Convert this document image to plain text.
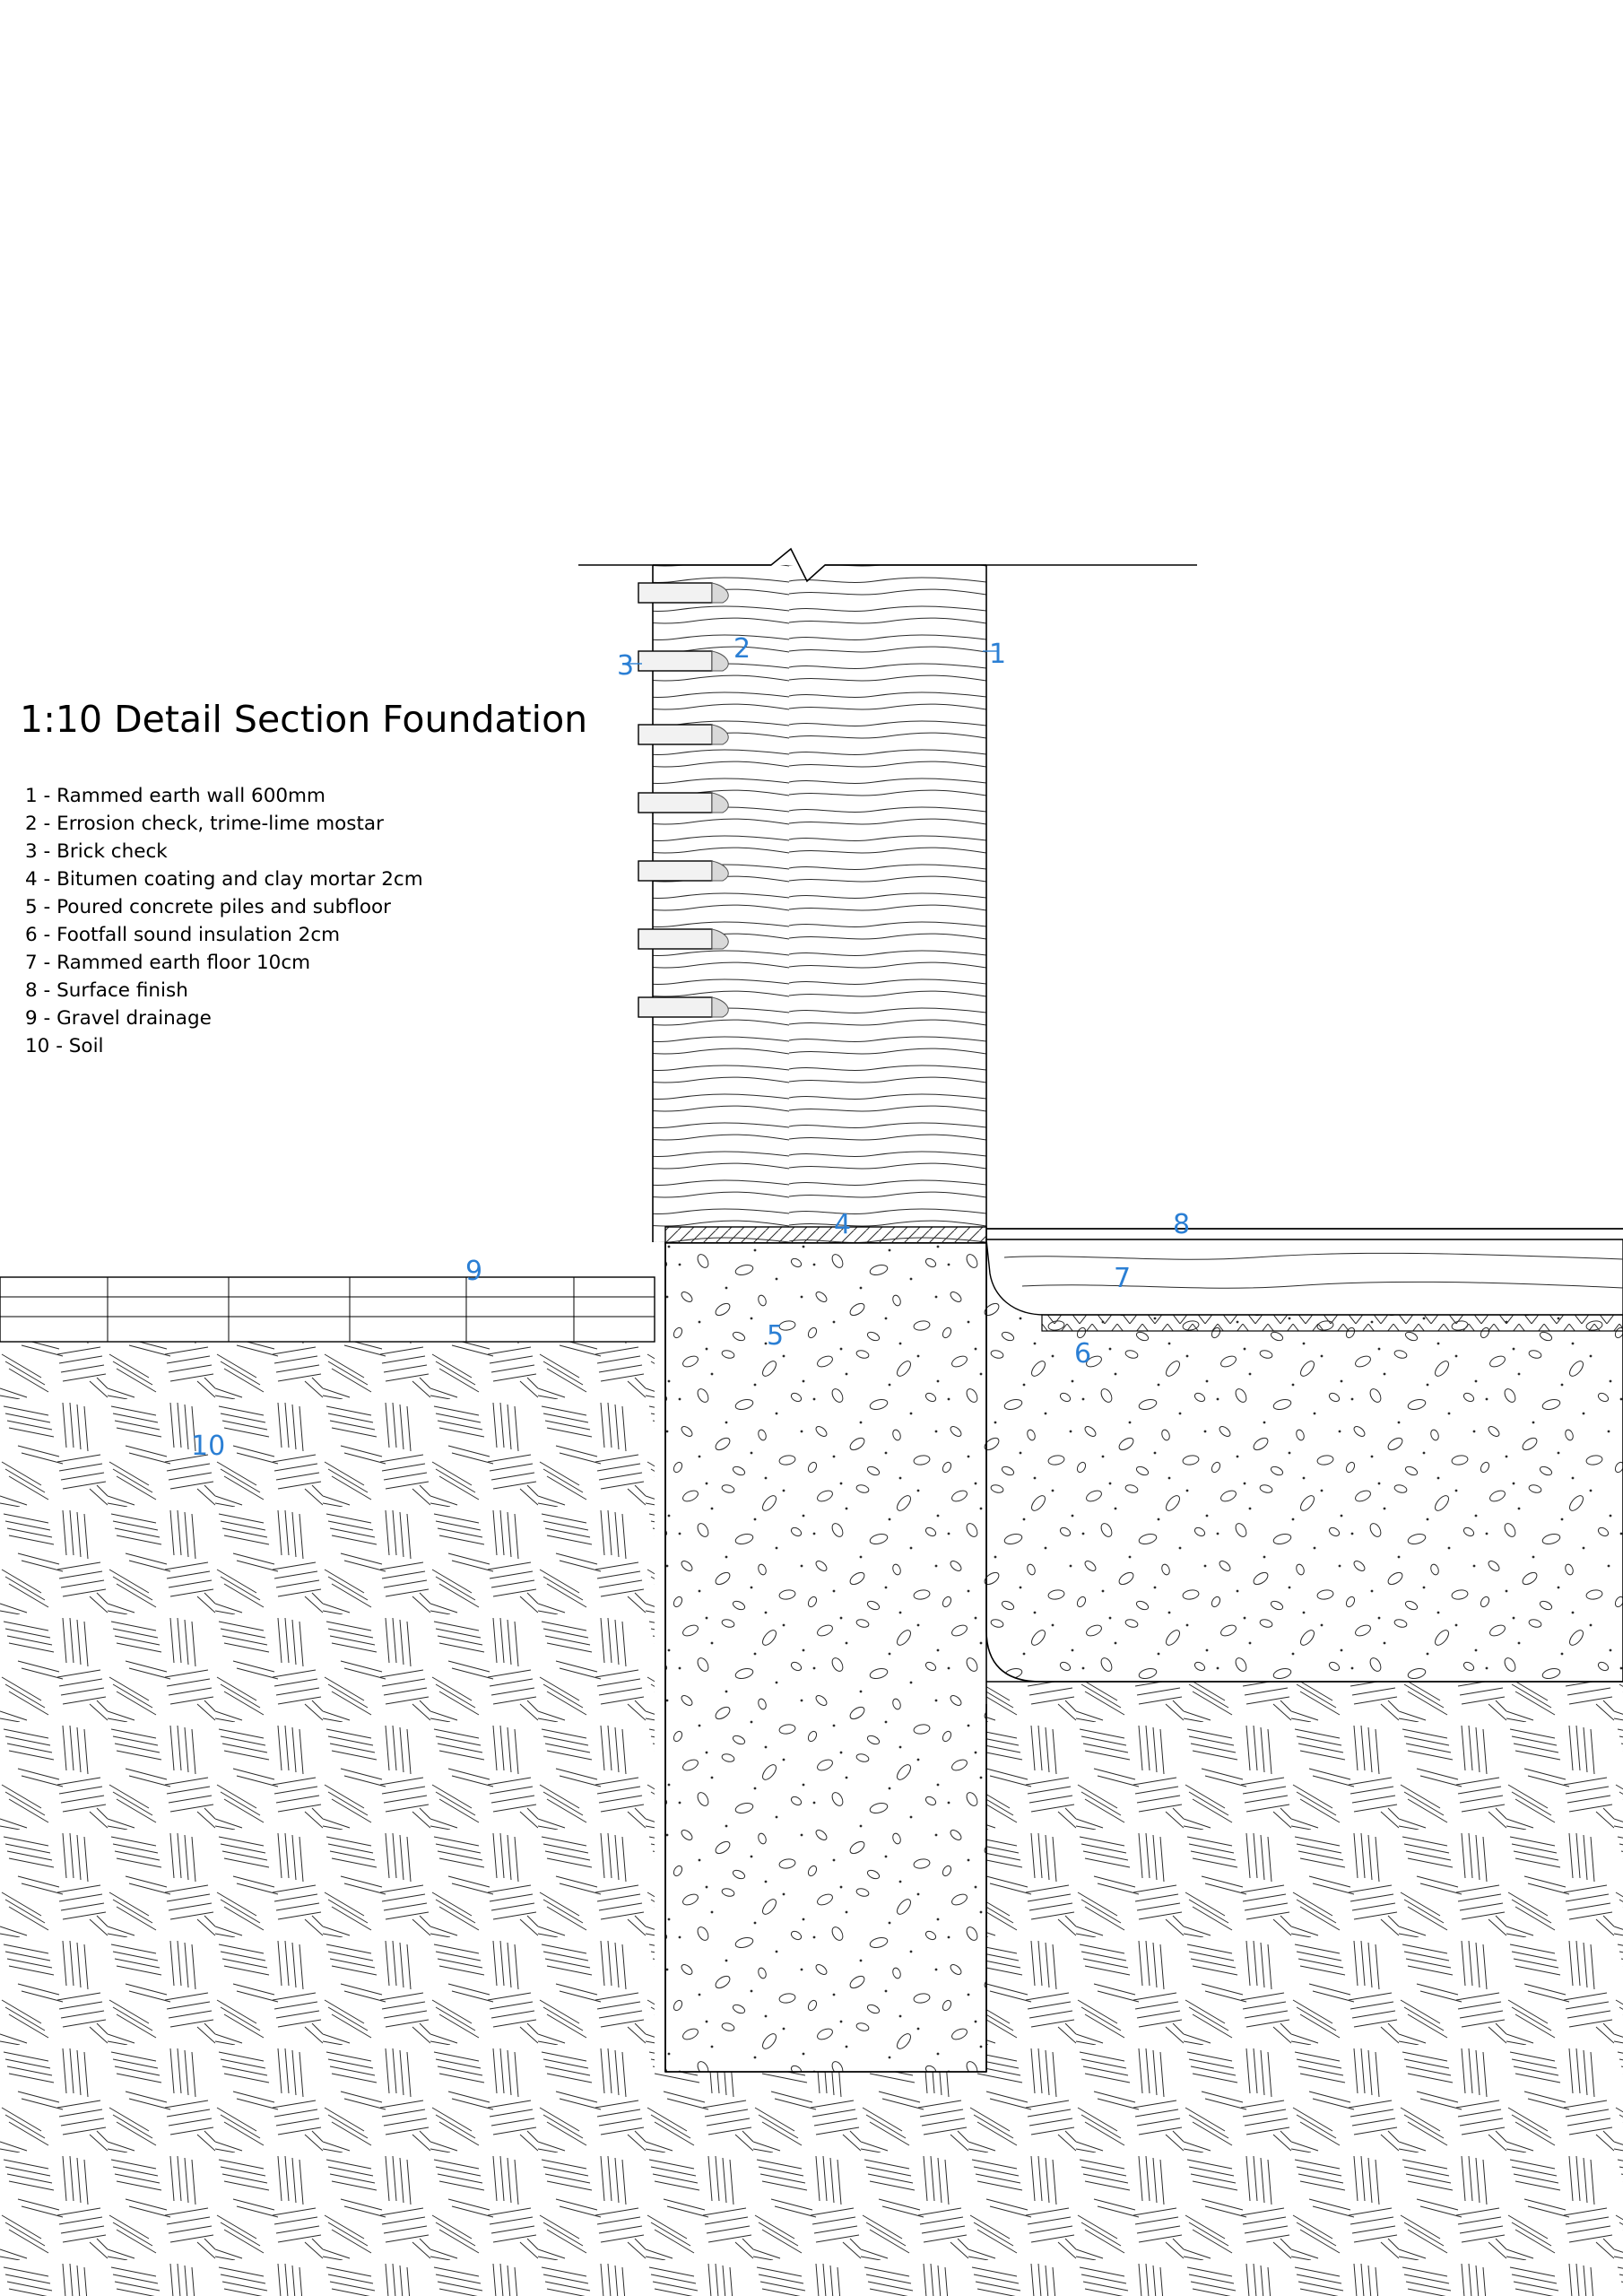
1:10 Detail Section Foundation
1 - Rammed earth wall 600mm
2 - Errosion check, trime-lime mostar
3 - Brick check
4 - Bitumen coating and clay mortar 2cm
5 - Poured concrete piles and subfloor
6 - Footfall sound insulation 2cm
7 - Rammed earth floor 10cm
8 - Surface finish
9 - Gravel drainage
10 - Soil
1
2
3
4
5
6
7
8
9
10
